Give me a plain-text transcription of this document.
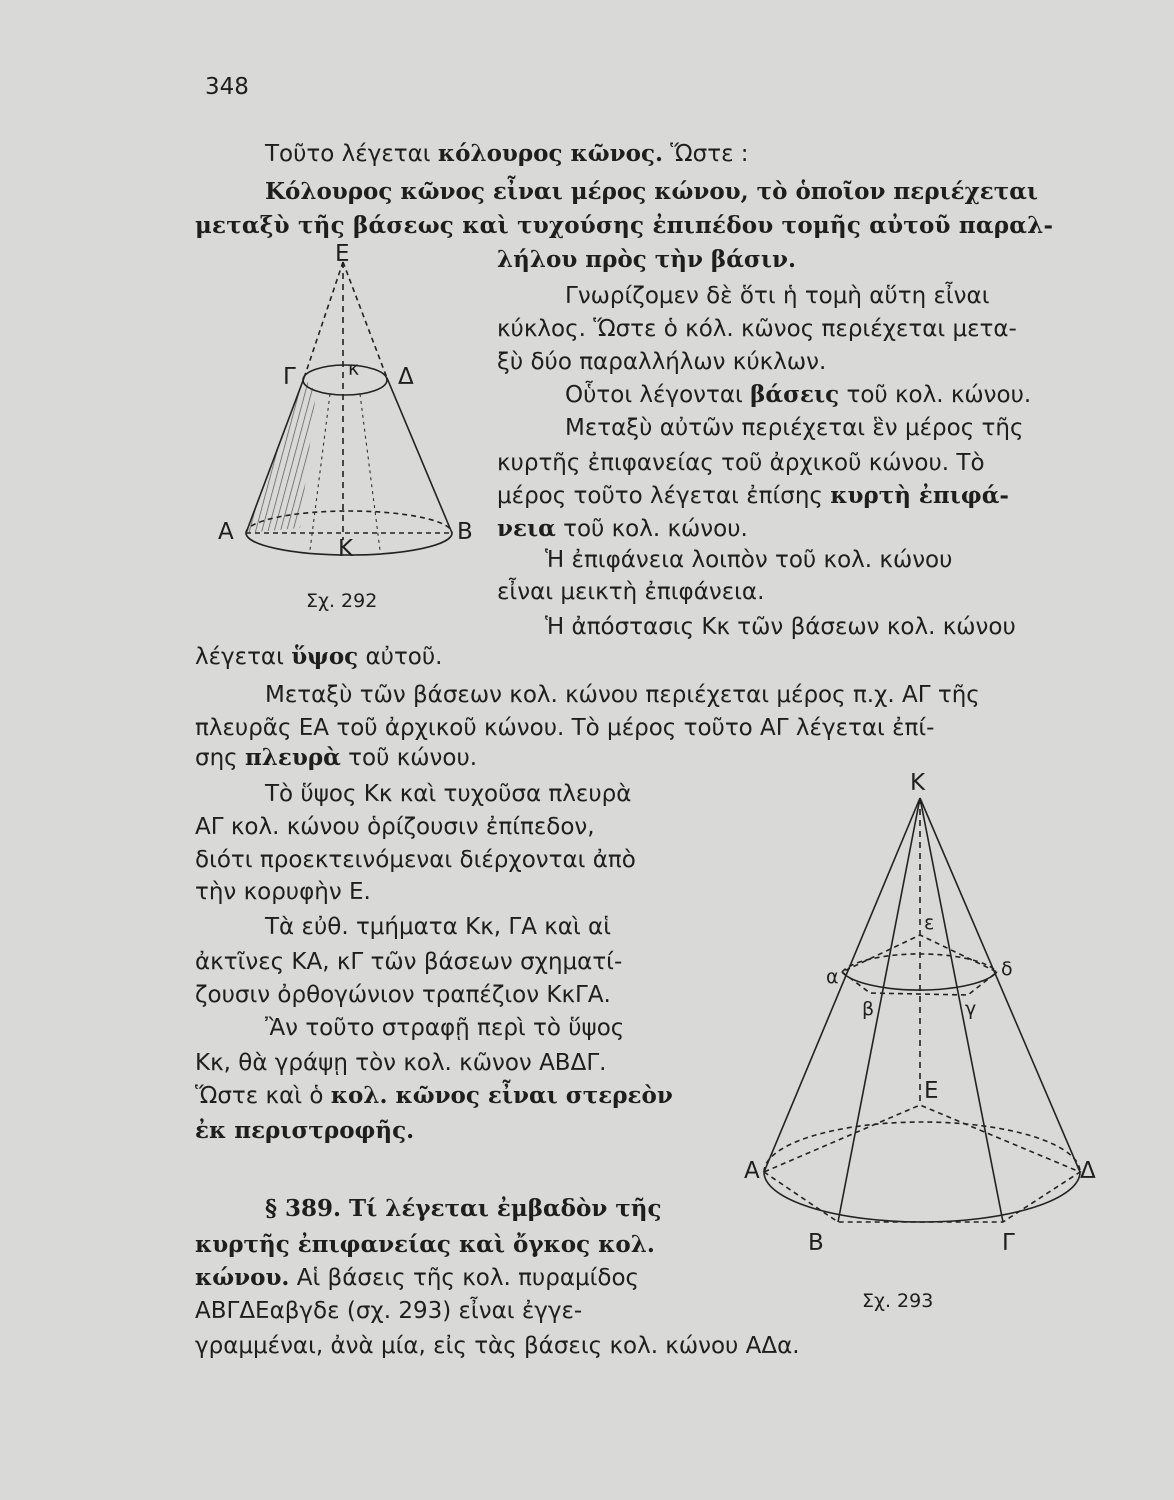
348
Τοῦτο λέγεται κόλουρος κῶνος. Ὥστε :
Κόλουρος κῶνος εἶναι μέρος κώνου, τὸ ὁποῖον περιέχεται
μεταξὺ τῆς βάσεως καὶ τυχούσης ἐπιπέδου τομῆς αὐτοῦ παραλ-
λήλου πρὸς τὴν βάσιν.
Γνωρίζομεν δὲ ὅτι ἡ τομὴ αὕτη εἶναι
κύκλος. Ὥστε ὁ κόλ. κῶνος περιέχεται μετα-
ξὺ δύο παραλλήλων κύκλων.
Οὗτοι λέγονται βάσεις τοῦ κολ. κώνου.
Μεταξὺ αὐτῶν περιέχεται ἓν μέρος τῆς
κυρτῆς ἐπιφανείας τοῦ ἀρχικοῦ κώνου. Τὸ
μέρος τοῦτο λέγεται ἐπίσης κυρτὴ ἐπιφά-
νεια τοῦ κολ. κώνου.
Ἡ ἐπιφάνεια λοιπὸν τοῦ κολ. κώνου
εἶναι μεικτὴ ἐπιφάνεια.
Ἡ ἀπόστασις Κκ τῶν βάσεων κολ. κώνου
λέγεται ὕψος αὐτοῦ.
Μεταξὺ τῶν βάσεων κολ. κώνου περιέχεται μέρος π.χ. ΑΓ τῆς
πλευρᾶς ΕΑ τοῦ ἀρχικοῦ κώνου. Τὸ μέρος τοῦτο ΑΓ λέγεται ἐπί-
σης πλευρὰ τοῦ κώνου.
Τὸ ὕψος Κκ καὶ τυχοῦσα πλευρὰ
ΑΓ κολ. κώνου ὁρίζουσιν ἐπίπεδον,
διότι προεκτεινόμεναι διέρχονται ἀπὸ
τὴν κορυφὴν Ε.
Τὰ εὐθ. τμήματα Κκ, ΓΑ καὶ αἱ
ἀκτῖνες ΚΑ, κΓ τῶν βάσεων σχηματί-
ζουσιν ὀρθογώνιον τραπέζιον ΚκΓΑ.
Ἂν τοῦτο στραφῇ περὶ τὸ ὕψος
Κκ, θὰ γράψῃ τὸν κολ. κῶνον ΑΒΔΓ.
Ὥστε καὶ ὁ κολ. κῶνος εἶναι στερεὸν
ἐκ περιστροφῆς.
§ 389. Τί λέγεται ἐμβαδὸν τῆς
κυρτῆς ἐπιφανείας καὶ ὄγκος κολ.
κώνου. Αἱ βάσεις τῆς κολ. πυραμίδος
ΑΒΓΔΕαβγδε (σχ. 293) εἶναι ἐγγε-
γραμμέναι, ἀνὰ μία, εἰς τὰς βάσεις κολ. κώνου ΑΔα.
Ε
Γ	Δ
κ
Α	Β
Κ
Σχ. 292
Κ
ε
α
β	γ
δ
Ε
Α	Δ
Β	Γ
Σχ. 293
